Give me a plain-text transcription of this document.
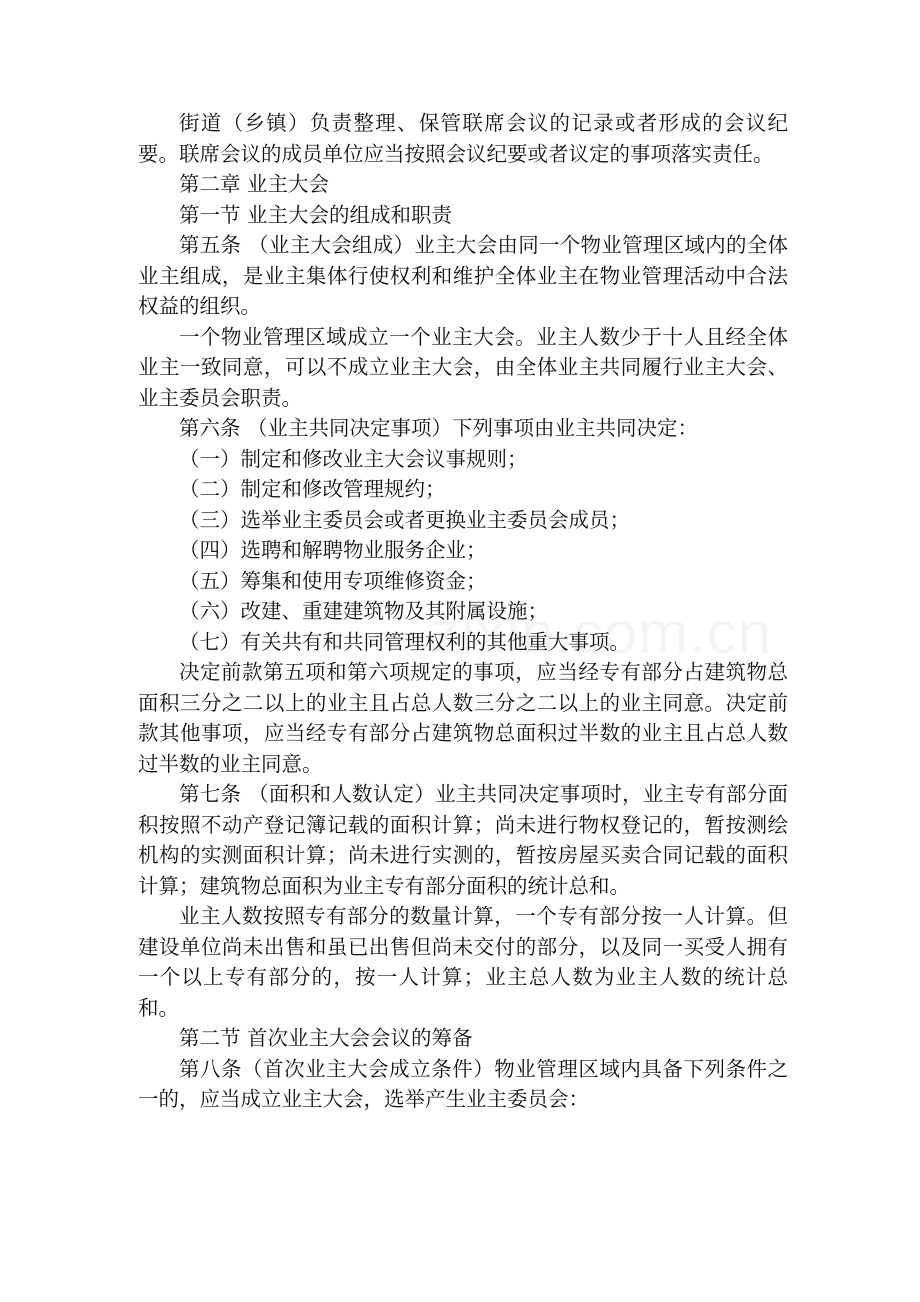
街道（乡镇）负责整理、保管联席会议的记录或者形成的会议纪要。联席会议的成员单位应当按照会议纪要或者议定的事项落实责任。

第二章 业主大会

第一节 业主大会的组成和职责

第五条 （业主大会组成）业主大会由同一个物业管理区域内的全体业主组成，是业主集体行使权利和维护全体业主在物业管理活动中合法权益的组织。

一个物业管理区域成立一个业主大会。业主人数少于十人且经全体业主一致同意，可以不成立业主大会，由全体业主共同履行业主大会、业主委员会职责。

第六条 （业主共同决定事项）下列事项由业主共同决定：

（一）制定和修改业主大会议事规则；

（二）制定和修改管理规约；

（三）选举业主委员会或者更换业主委员会成员；

（四）选聘和解聘物业服务企业；

（五）筹集和使用专项维修资金；

（六）改建、重建建筑物及其附属设施；

（七）有关共有和共同管理权利的其他重大事项。

决定前款第五项和第六项规定的事项，应当经专有部分占建筑物总面积三分之二以上的业主且占总人数三分之二以上的业主同意。决定前款其他事项，应当经专有部分占建筑物总面积过半数的业主且占总人数过半数的业主同意。

第七条 （面积和人数认定）业主共同决定事项时，业主专有部分面积按照不动产登记簿记载的面积计算；尚未进行物权登记的，暂按测绘机构的实测面积计算；尚未进行实测的，暂按房屋买卖合同记载的面积计算；建筑物总面积为业主专有部分面积的统计总和。

业主人数按照专有部分的数量计算，一个专有部分按一人计算。但建设单位尚未出售和虽已出售但尚未交付的部分，以及同一买受人拥有一个以上专有部分的，按一人计算；业主总人数为业主人数的统计总和。

第二节 首次业主大会会议的筹备

第八条（首次业主大会成立条件）物业管理区域内具备下列条件之一的，应当成立业主大会，选举产生业主委员会：
